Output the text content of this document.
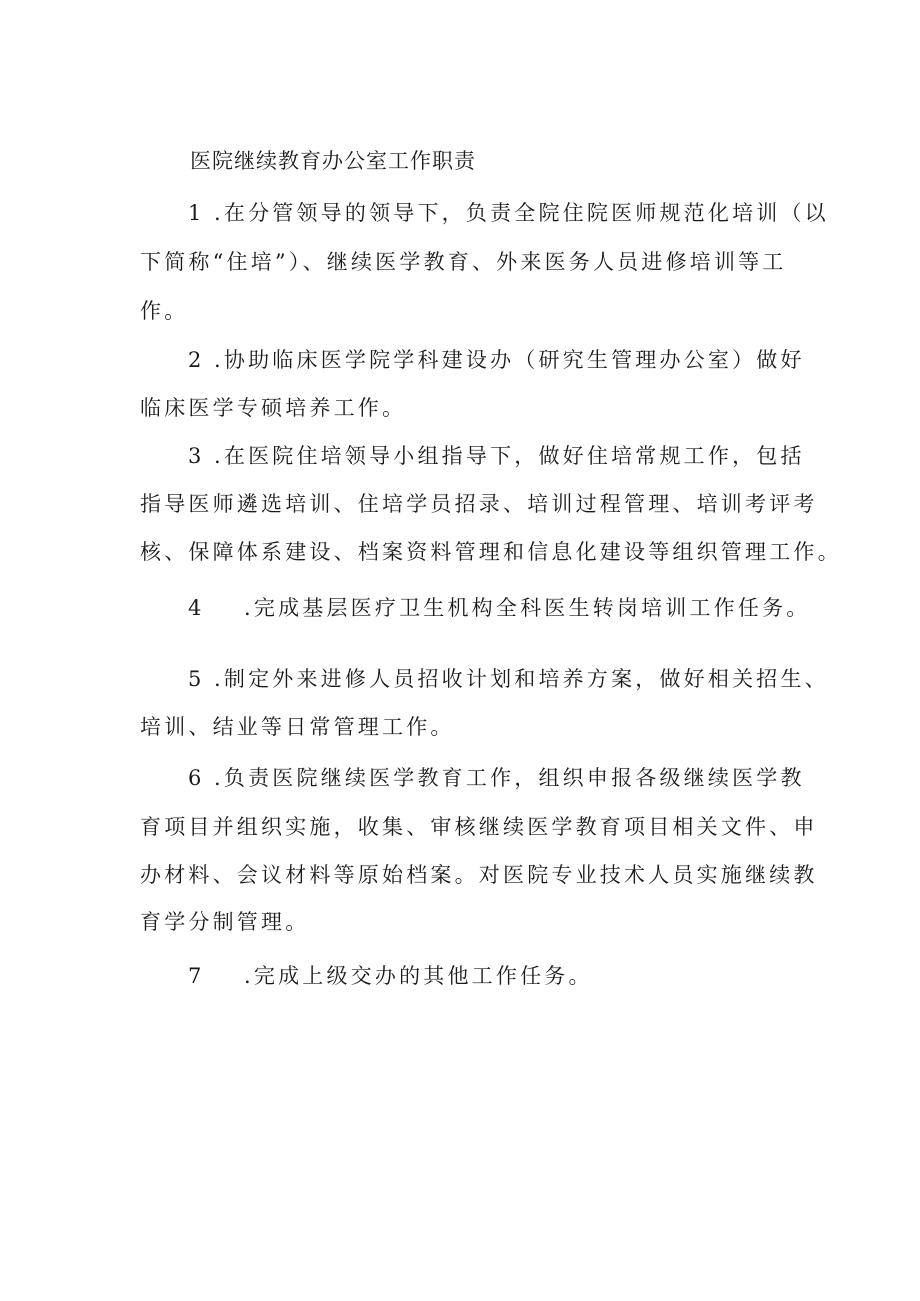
医院继续教育办公室工作职责
1 .在分管领导的领导下，负责全院住院医师规范化培训（以
下简称“住培”）、继续医学教育、外来医务人员进修培训等工
作。
2 .协助临床医学院学科建设办（研究生管理办公室）做好
临床医学专硕培养工作。
3 .在医院住培领导小组指导下，做好住培常规工作，包括
指导医师遴选培训、住培学员招录、培训过程管理、培训考评考
核、保障体系建设、档案资料管理和信息化建设等组织管理工作。
4 .完成基层医疗卫生机构全科医生转岗培训工作任务。
5 .制定外来进修人员招收计划和培养方案，做好相关招生、
培训、结业等日常管理工作。
6 .负责医院继续医学教育工作，组织申报各级继续医学教
育项目并组织实施，收集、审核继续医学教育项目相关文件、申
办材料、会议材料等原始档案。对医院专业技术人员实施继续教
育学分制管理。
7 .完成上级交办的其他工作任务。
